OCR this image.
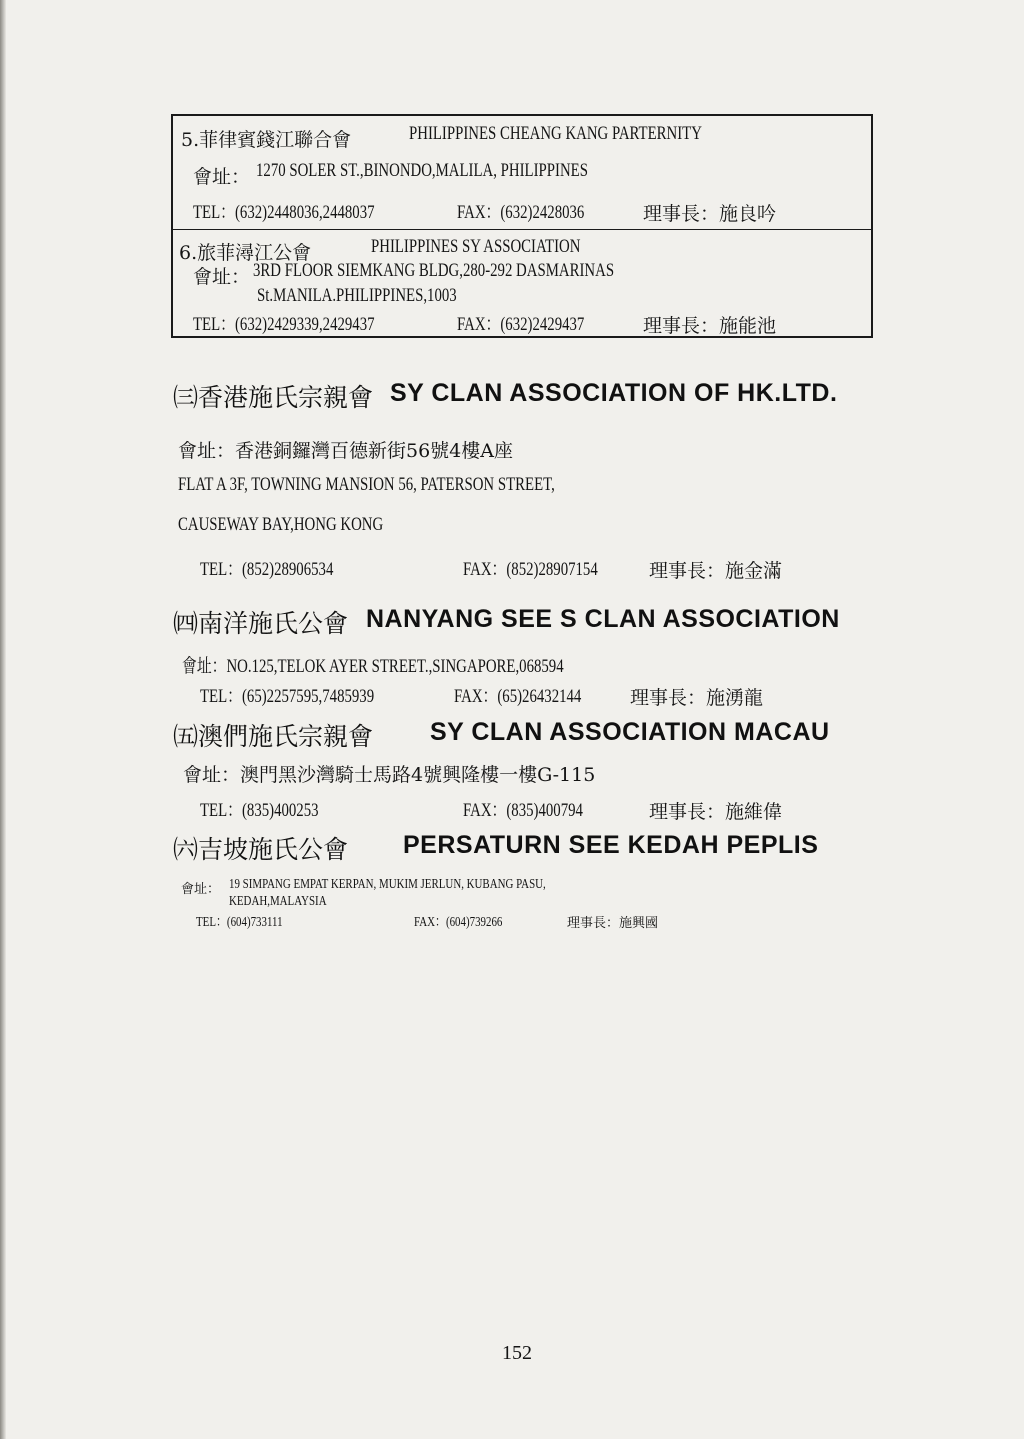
5.菲律賓錢江聯合會	PHILIPPINES CHEANG KANG PARTERNITY
會址： 1270 SOLER ST.,BINONDO,MALILA, PHILIPPINES
TEL：(632)2448036,2448037	FAX：(632)2428036	理事長：施良吟
6.旅菲潯江公會	PHILIPPINES SY ASSOCIATION
會址： 3RD FLOOR SIEMKANG BLDG,280-292 DASMARINAS
St.MANILA.PHILIPPINES,1003
TEL：(632)2429339,2429437	FAX：(632)2429437	理事長：施能池
㈢香港施氏宗親會 SY CLAN ASSOCIATION OF HK.LTD.
會址：香港銅鑼灣百德新街56號4樓A座
FLAT A 3F, TOWNING MANSION 56, PATERSON STREET,
CAUSEWAY BAY,HONG KONG
TEL：(852)28906534	FAX：(852)28907154	理事長：施金滿
㈣南洋施氏公會 NANYANG SEE S CLAN ASSOCIATION
會址：NO.125,TELOK AYER STREET.,SINGAPORE,068594
TEL：(65)2257595,7485939	FAX：(65)26432144	理事長：施湧龍
㈤澳們施氏宗親會 SY CLAN ASSOCIATION MACAU
會址：澳門黑沙灣騎士馬路4號興隆樓一樓G-115
TEL：(835)400253	FAX：(835)400794	理事長：施維偉
㈥吉坡施氏公會 PERSATURN SEE KEDAH PEPLIS
會址： 19 SIMPANG EMPAT KERPAN, MUKIM JERLUN, KUBANG PASU,
KEDAH,MALAYSIA
TEL：(604)733111	FAX：(604)739266	理事長：施興國
152
